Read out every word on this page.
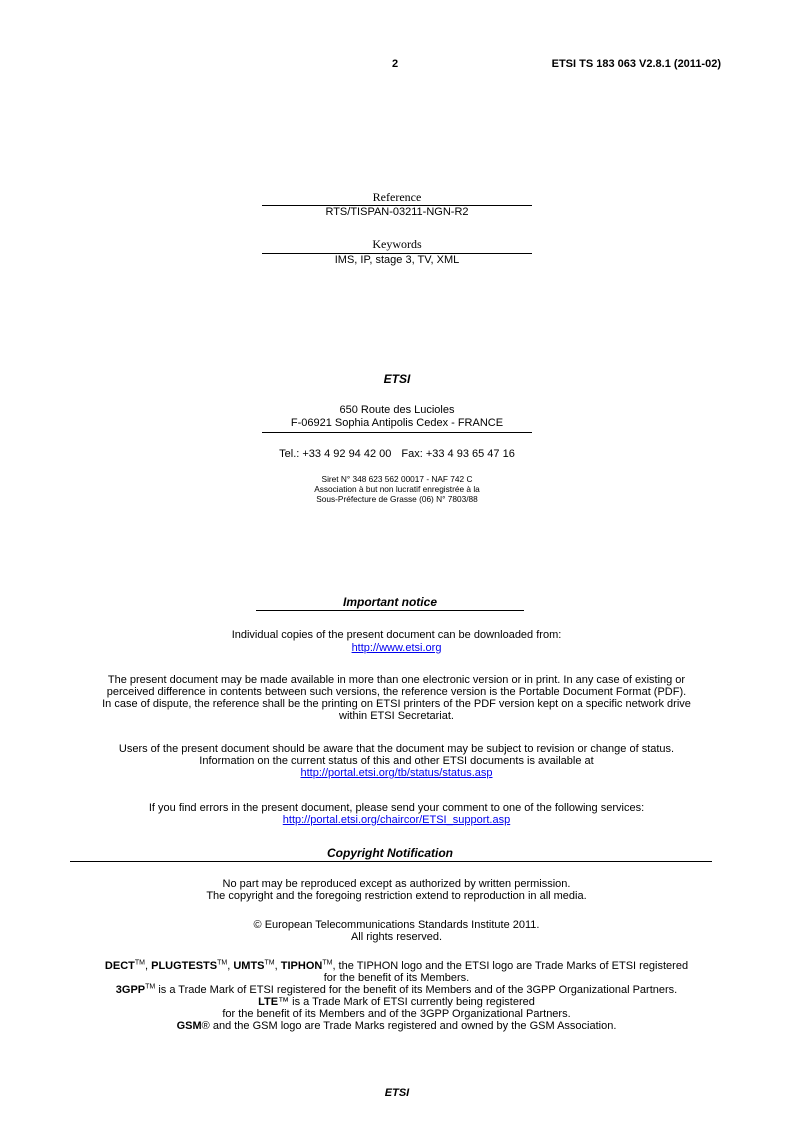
2	ETSI TS 183 063 V2.8.1 (2011-02)
Reference
RTS/TISPAN-03211-NGN-R2
Keywords
IMS, IP, stage 3, TV, XML
ETSI
650 Route des Lucioles
F-06921 Sophia Antipolis Cedex - FRANCE
Tel.: +33 4 92 94 42 00 Fax: +33 4 93 65 47 16
Siret N° 348 623 562 00017 - NAF 742 C
Association à but non lucratif enregistrée à la
Sous-Préfecture de Grasse (06) N° 7803/88
Important notice
Individual copies of the present document can be downloaded from:
http://www.etsi.org
The present document may be made available in more than one electronic version or in print. In any case of existing or
perceived difference in contents between such versions, the reference version is the Portable Document Format (PDF).
In case of dispute, the reference shall be the printing on ETSI printers of the PDF version kept on a specific network drive
within ETSI Secretariat.
Users of the present document should be aware that the document may be subject to revision or change of status.
Information on the current status of this and other ETSI documents is available at
http://portal.etsi.org/tb/status/status.asp
If you find errors in the present document, please send your comment to one of the following services:
http://portal.etsi.org/chaircor/ETSI_support.asp
Copyright Notification
No part may be reproduced except as authorized by written permission.
The copyright and the foregoing restriction extend to reproduction in all media.
© European Telecommunications Standards Institute 2011.
All rights reserved.
DECT™, PLUGTESTS™, UMTS™, TIPHON™, the TIPHON logo and the ETSI logo are Trade Marks of ETSI registered
for the benefit of its Members.
3GPP™ is a Trade Mark of ETSI registered for the benefit of its Members and of the 3GPP Organizational Partners.
LTE™ is a Trade Mark of ETSI currently being registered
for the benefit of its Members and of the 3GPP Organizational Partners.
GSM® and the GSM logo are Trade Marks registered and owned by the GSM Association.
ETSI
